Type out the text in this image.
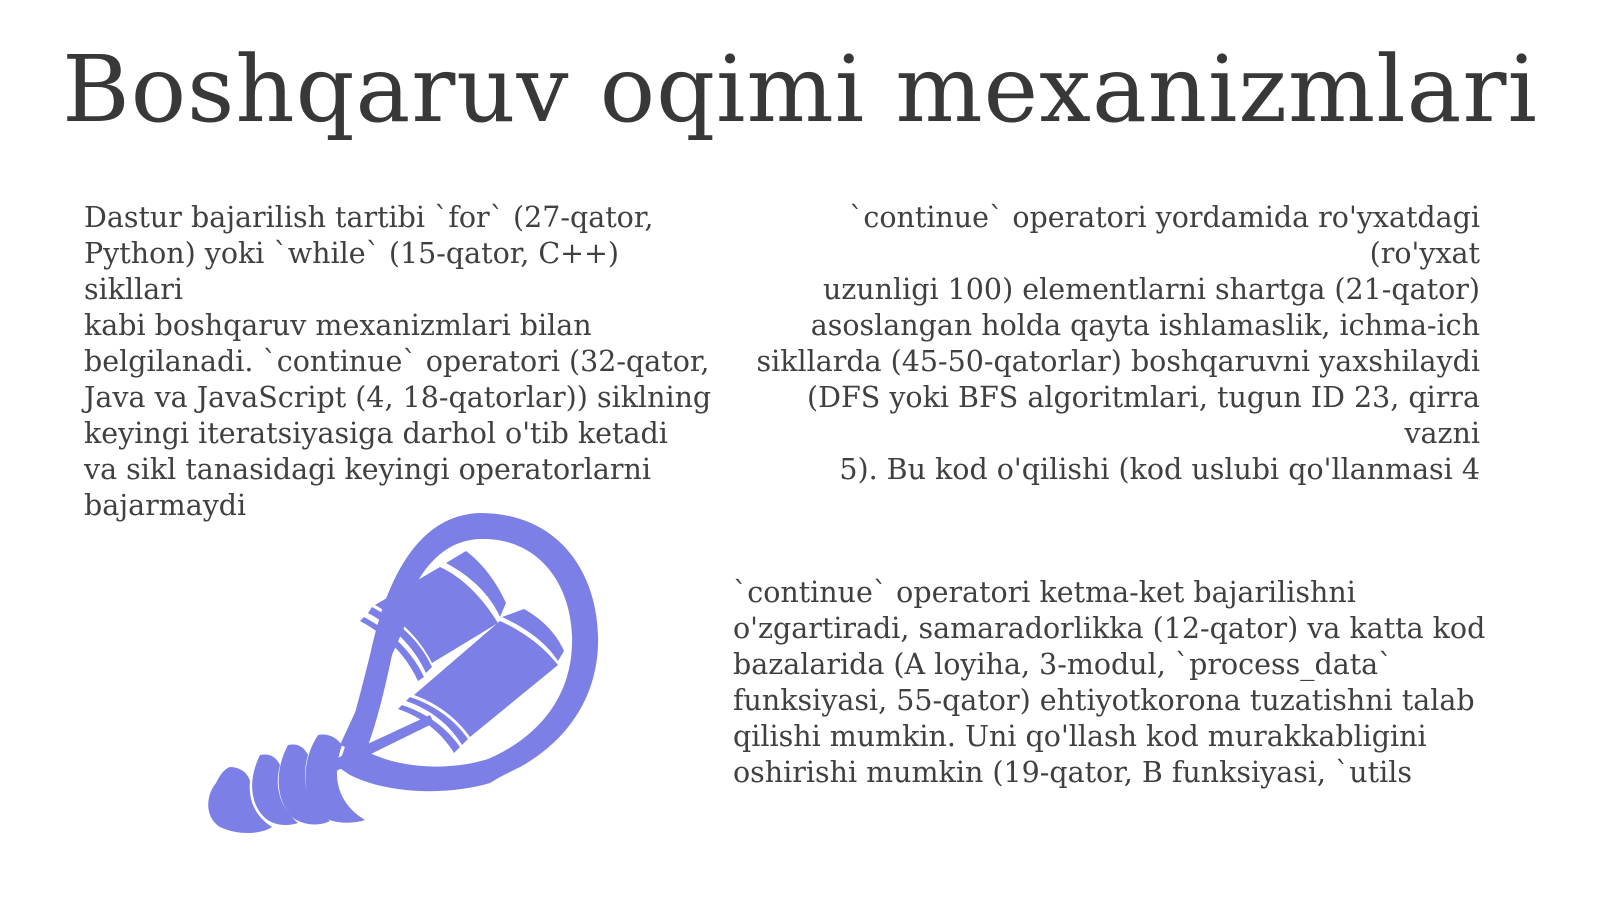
Boshqaruv oqimi mexanizmlari

Dastur bajarilish tartibi `for` (27-qator,
Python) yoki `while` (15-qator, C++) sikllari
kabi boshqaruv mexanizmlari bilan
belgilanadi. `continue` operatori (32-qator,
Java va JavaScript (4, 18-qatorlar)) siklning
keyingi iteratsiyasiga darhol o'tib ketadi
va sikl tanasidagi keyingi operatorlarni
bajarmaydi

`continue` operatori yordamida ro'yxatdagi (ro'yxat
uzunligi 100) elementlarni shartga (21-qator)
asoslangan holda qayta ishlamaslik, ichma-ich
sikllarda (45-50-qatorlar) boshqaruvni yaxshilaydi
(DFS yoki BFS algoritmlari, tugun ID 23, qirra vazni
5). Bu kod o'qilishi (kod uslubi qo'llanmasi 4

`continue` operatori ketma-ket bajarilishni
o'zgartiradi, samaradorlikka (12-qator) va katta kod
bazalarida (A loyiha, 3-modul, `process_data`
funksiyasi, 55-qator) ehtiyotkorona tuzatishni talab
qilishi mumkin. Uni qo'llash kod murakkabligini
oshirishi mumkin (19-qator, B funksiyasi, `utils
